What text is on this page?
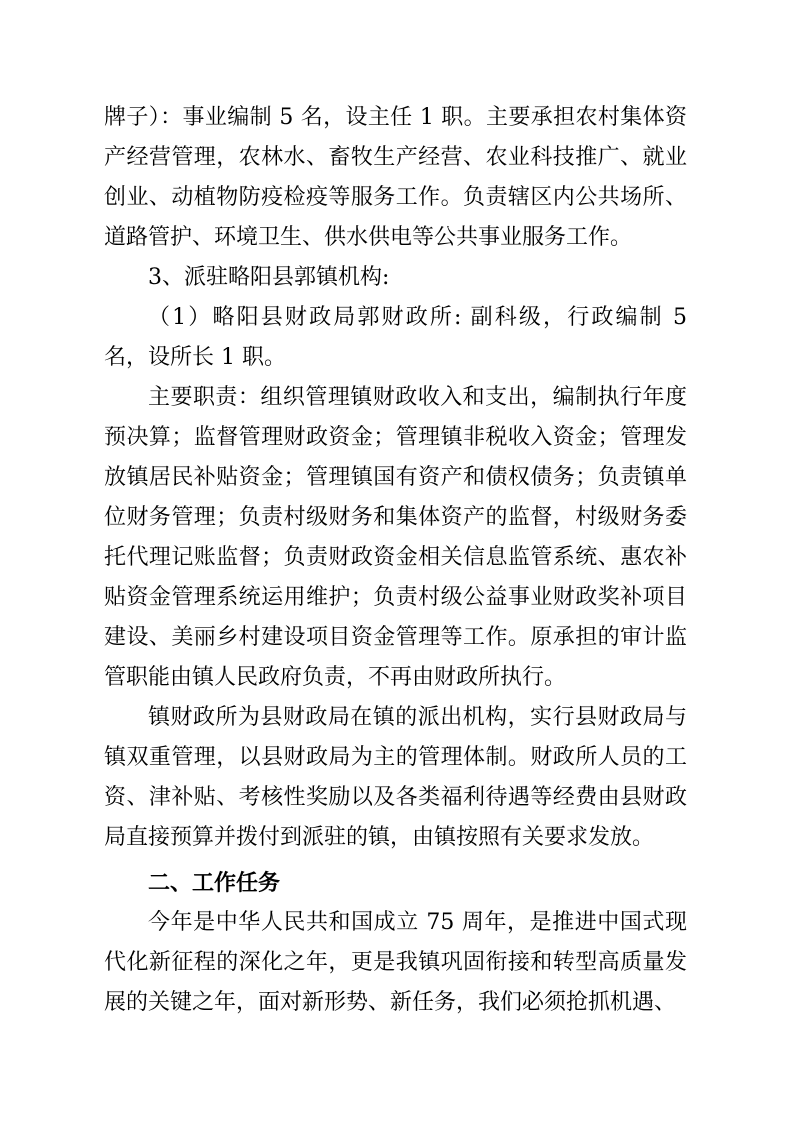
牌子）：事业编制 5 名，设主任 1 职。主要承担农村集体资产经营管理，农林水、畜牧生产经营、农业科技推广、就业创业、动植物防疫检疫等服务工作。负责辖区内公共场所、道路管护、环境卫生、供水供电等公共事业服务工作。

3、派驻略阳县郭镇机构:

（1）略阳县财政局郭财政所: 副科级，行政编制 5 名，设所长 1 职。

主要职责：组织管理镇财政收入和支出，编制执行年度预决算；监督管理财政资金；管理镇非税收入资金；管理发放镇居民补贴资金；管理镇国有资产和债权债务；负责镇单位财务管理；负责村级财务和集体资产的监督，村级财务委托代理记账监督；负责财政资金相关信息监管系统、惠农补贴资金管理系统运用维护；负责村级公益事业财政奖补项目建设、美丽乡村建设项目资金管理等工作。原承担的审计监管职能由镇人民政府负责，不再由财政所执行。

镇财政所为县财政局在镇的派出机构，实行县财政局与镇双重管理，以县财政局为主的管理体制。财政所人员的工资、津补贴、考核性奖励以及各类福利待遇等经费由县财政局直接预算并拨付到派驻的镇，由镇按照有关要求发放。

二、工作任务

今年是中华人民共和国成立 75 周年，是推进中国式现代化新征程的深化之年，更是我镇巩固衔接和转型高质量发展的关键之年，面对新形势、新任务，我们必须抢抓机遇、
